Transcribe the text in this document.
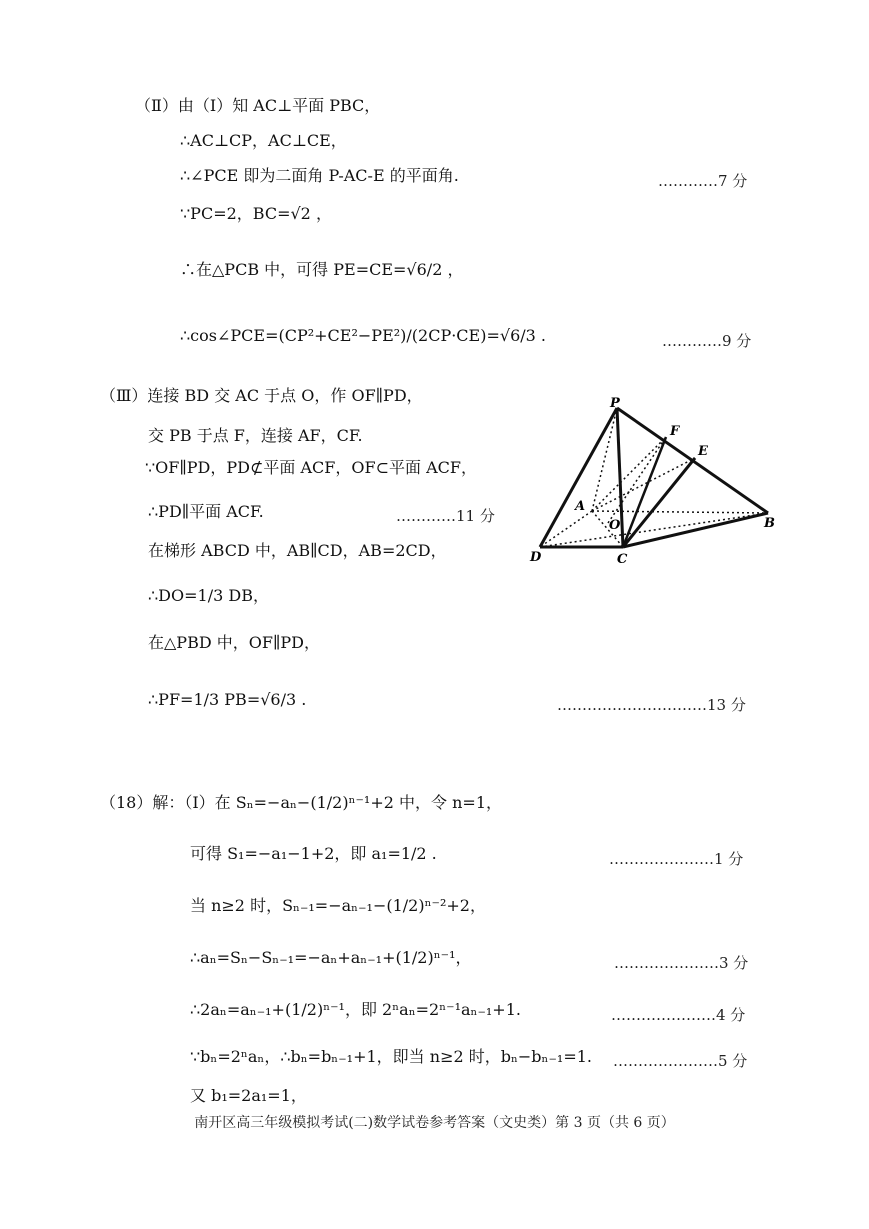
（Ⅱ）由（Ⅰ）知 AC⊥平面 PBC，
∴AC⊥CP，AC⊥CE，
∴∠PCE 即为二面角 P-AC-E 的平面角.	…………7 分
∵PC=2，BC=√2 ，
∴在△PCB 中，可得 PE=CE=√6/2 ，
∴cos∠PCE=(CP²+CE²−PE²)/(2CP·CE)=√6/3 .	…………9 分
（Ⅲ）连接 BD 交 AC 于点 O，作 OF∥PD，
交 PB 于点 F，连接 AF，CF.
∵OF∥PD，PD⊄平面 ACF，OF⊂平面 ACF，
∴PD∥平面 ACF.	…………11 分
在梯形 ABCD 中，AB∥CD，AB=2CD，
∴DO=1/3 DB，
在△PBD 中，OF∥PD，
∴PF=1/3 PB=√6/3 .	…………………………13 分
P
F
E
A
O	B
D	C
（18）解：（Ⅰ）在 Sₙ=−aₙ−(1/2)ⁿ⁻¹+2 中，令 n=1，
可得 S₁=−a₁−1+2，即 a₁=1/2 .	…………………1 分
当 n≥2 时，Sₙ₋₁=−aₙ₋₁−(1/2)ⁿ⁻²+2，
∴aₙ=Sₙ−Sₙ₋₁=−aₙ+aₙ₋₁+(1/2)ⁿ⁻¹，	…………………3 分
∴2aₙ=aₙ₋₁+(1/2)ⁿ⁻¹，即 2ⁿaₙ=2ⁿ⁻¹aₙ₋₁+1.	…………………4 分
∵bₙ=2ⁿaₙ，∴bₙ=bₙ₋₁+1，即当 n≥2 时，bₙ−bₙ₋₁=1. …………………5 分
又 b₁=2a₁=1，
南开区高三年级模拟考试(二)数学试卷参考答案（文史类）第 3 页（共 6 页）
